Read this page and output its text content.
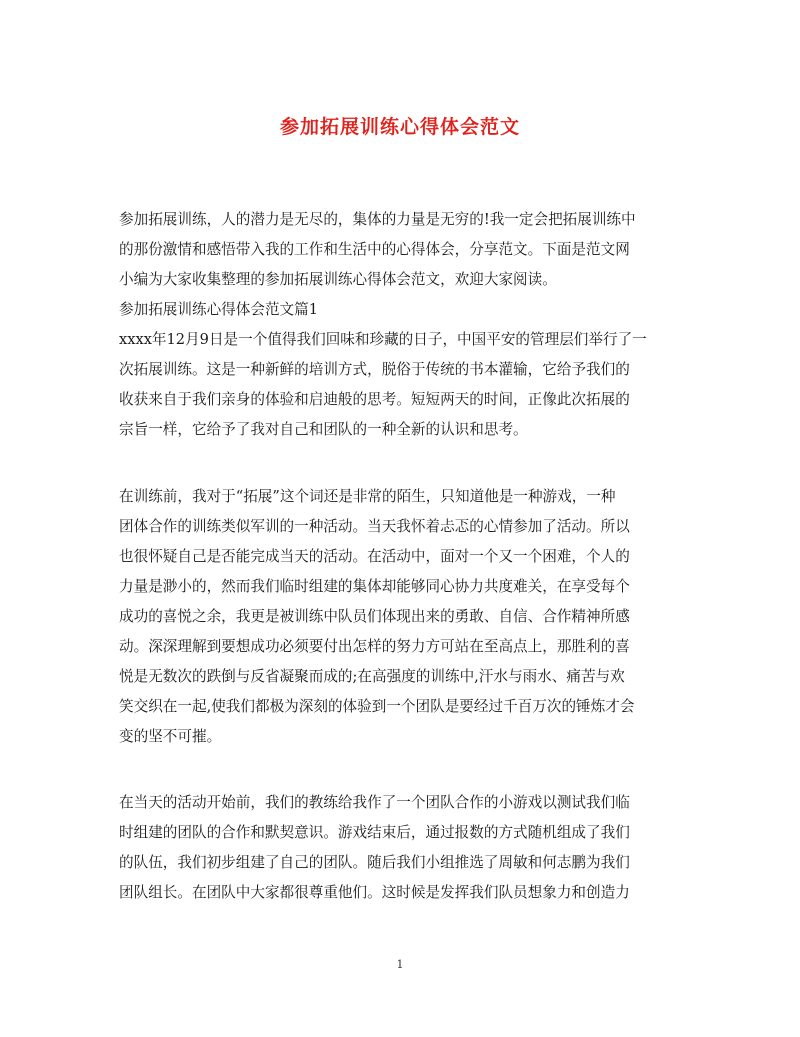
参加拓展训练心得体会范文
参加拓展训练，人的潜力是无尽的，集体的力量是无穷的!我一定会把拓展训练中
的那份激情和感悟带入我的工作和生活中的心得体会，分享范文。下面是范文网
小编为大家收集整理的参加拓展训练心得体会范文，欢迎大家阅读。
参加拓展训练心得体会范文篇1
xxxx年12月9日是一个值得我们回味和珍藏的日子，中国平安的管理层们举行了一
次拓展训练。这是一种新鲜的培训方式，脱俗于传统的书本灌输，它给予我们的
收获来自于我们亲身的体验和启迪般的思考。短短两天的时间，正像此次拓展的
宗旨一样，它给予了我对自己和团队的一种全新的认识和思考。
在训练前，我对于“拓展”这个词还是非常的陌生，只知道他是一种游戏，一种
团体合作的训练类似军训的一种活动。当天我怀着忐忑的心情参加了活动。所以
也很怀疑自己是否能完成当天的活动。在活动中，面对一个又一个困难，个人的
力量是渺小的，然而我们临时组建的集体却能够同心协力共度难关，在享受每个
成功的喜悦之余，我更是被训练中队员们体现出来的勇敢、自信、合作精神所感
动。深深理解到要想成功必须要付出怎样的努力方可站在至高点上，那胜利的喜
悦是无数次的跌倒与反省凝聚而成的;在高强度的训练中,汗水与雨水、痛苦与欢
笑交织在一起,使我们都极为深刻的体验到一个团队是要经过千百万次的锤炼才会
变的坚不可摧。
在当天的活动开始前，我们的教练给我作了一个团队合作的小游戏以测试我们临
时组建的团队的合作和默契意识。游戏结束后，通过报数的方式随机组成了我们
的队伍，我们初步组建了自己的团队。随后我们小组推选了周敏和何志鹏为我们
团队组长。在团队中大家都很尊重他们。这时候是发挥我们队员想象力和创造力
1
